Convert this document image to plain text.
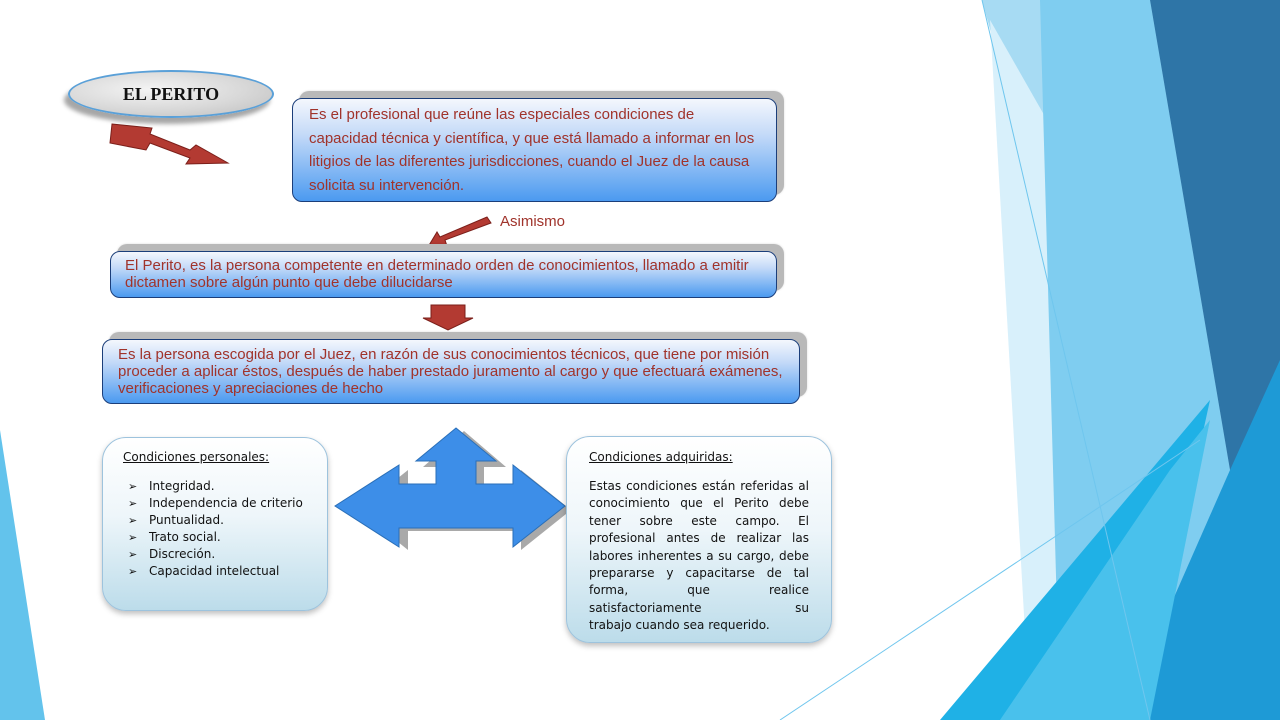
EL PERITO
Es el profesional que reúne las especiales condiciones de capacidad técnica y científica, y que está llamado a informar en los litigios de las diferentes jurisdicciones, cuando el Juez de la causa solicita su intervención.
Asimismo
El Perito, es la persona competente en determinado orden de conocimientos, llamado a emitir dictamen sobre algún punto que debe dilucidarse
Es la persona escogida por el Juez, en razón de sus conocimientos técnicos, que tiene por misión proceder a aplicar éstos, después de haber prestado juramento al cargo y que efectuará exámenes, verificaciones y apreciaciones de hecho
Condiciones personales:
➢ Integridad.
➢ Independencia de criterio
➢ Puntualidad.
➢ Trato social.
➢ Discreción.
➢ Capacidad intelectual
Condiciones adquiridas:

Estas condiciones están referidas al conocimiento que el Perito debe tener sobre este campo. El profesional antes de realizar las labores inherentes a su cargo, debe prepararse y capacitarse de tal forma, que realice satisfactoriamente su
trabajo cuando sea requerido.
